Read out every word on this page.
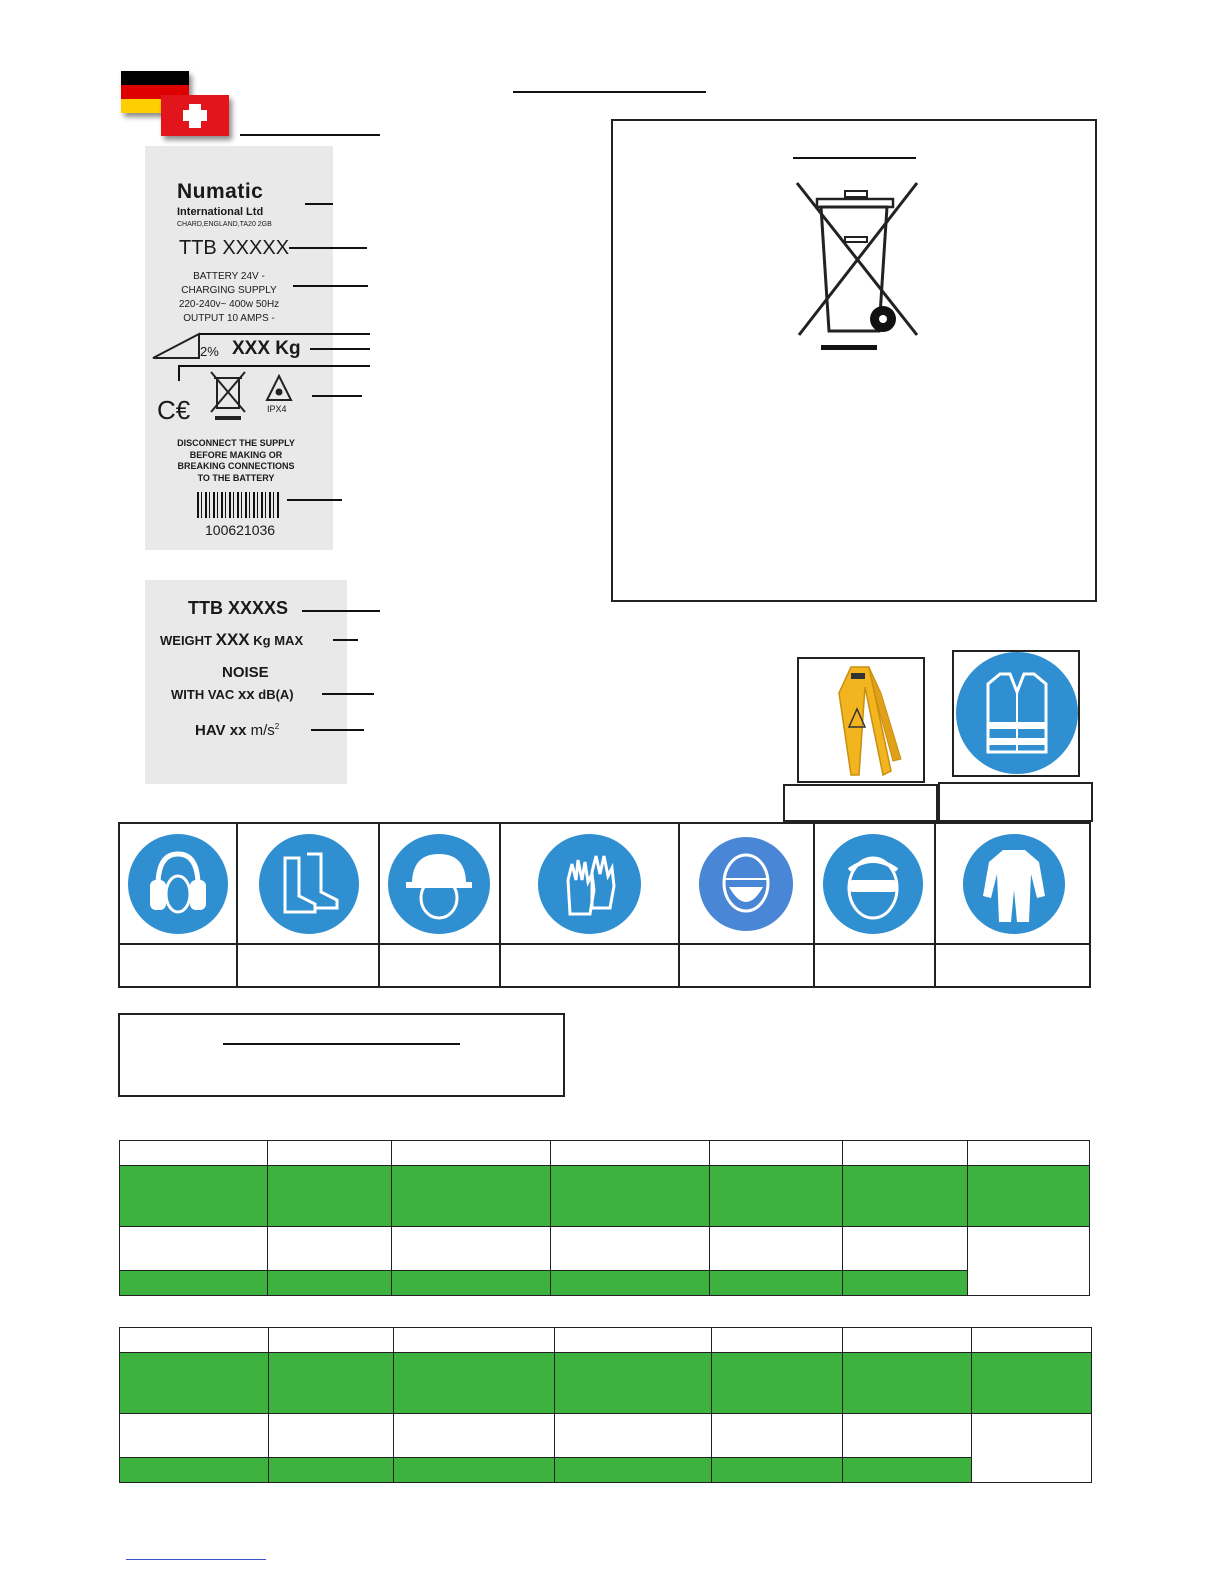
Numatic
International Ltd
CHARD,ENGLAND,TA20 2GB
TTB XXXXX
BATTERY 24V -
CHARGING SUPPLY
220-240v~ 400w 50Hz
OUTPUT 10 AMPS -
2% XXX Kg
C€	IPX4
DISCONNECT THE SUPPLY
BEFORE MAKING OR
BREAKING CONNECTIONS
TO THE BATTERY
100621036
TTB XXXXS
WEIGHT XXX Kg MAX
NOISE
WITH VAC xx dB(A)
HAV xx $m/s^2$
